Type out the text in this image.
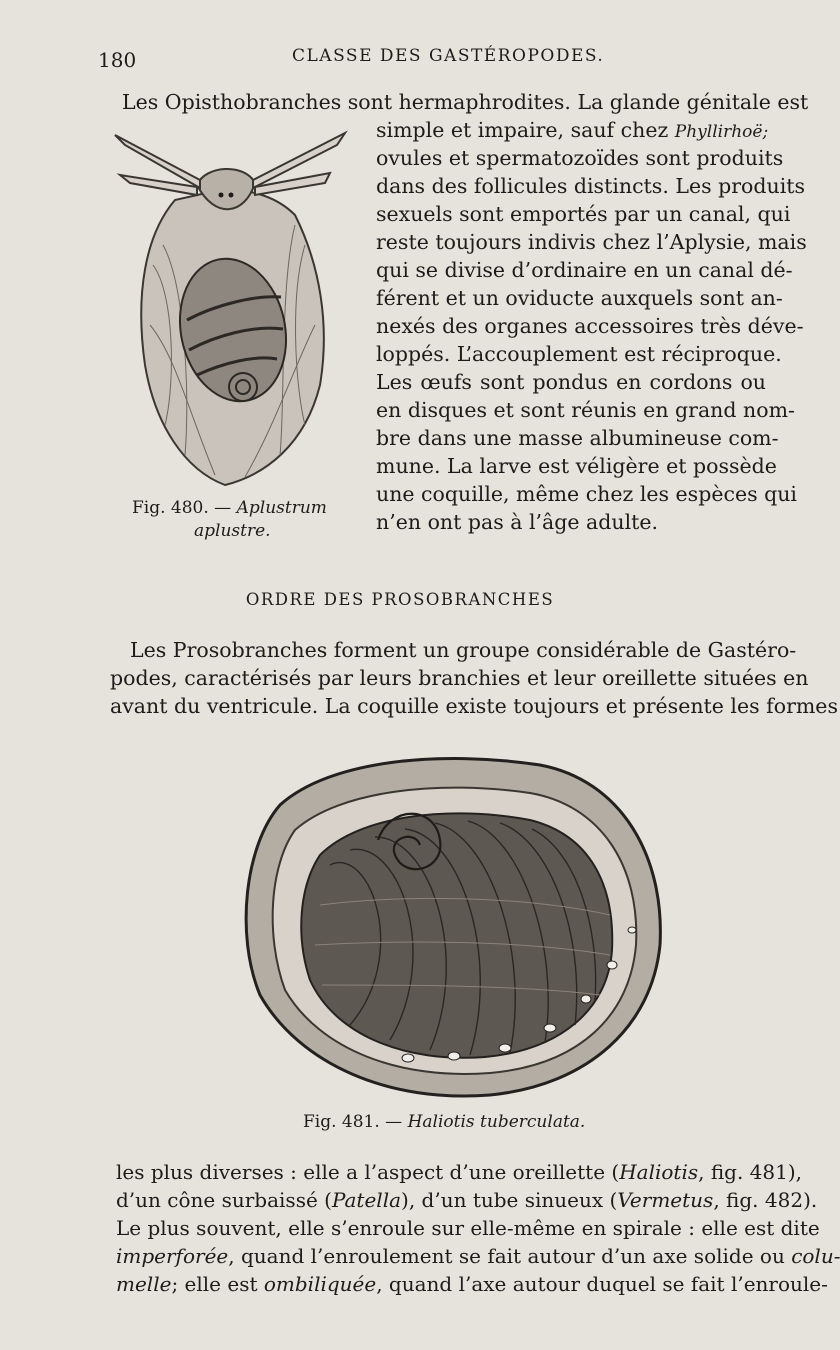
180	CLASSE DES GASTÉROPODES.
Fig. 480. — Aplustrum
aplustre.
Les Opisthobranches sont hermaphrodites. La glande génitale est
simple et impaire, sauf chez Phyllirhoë;
ovules et spermatozoïdes sont produits
dans des follicules distincts. Les produits
sexuels sont emportés par un canal, qui
reste toujours indivis chez l’Aplysie, mais
qui se divise d’ordinaire en un canal dé-
férent et un oviducte auxquels sont an-
nexés des organes accessoires très déve-
loppés. L’accouplement est réciproque.
Les œufs sont pondus en cordons ou
en disques et sont réunis en grand nom-
bre dans une masse albumineuse com-
mune. La larve est véligère et possède
une coquille, même chez les espèces qui
n’en ont pas à l’âge adulte.
ORDRE DES PROSOBRANCHES
Les Prosobranches forment un groupe considérable de Gastéro-
podes, caractérisés par leurs branchies et leur oreillette situées en
avant du ventricule. La coquille existe toujours et présente les formes
Fig. 481. — Haliotis tuberculata.
les plus diverses : elle a l’aspect d’une oreillette (Haliotis, fig. 481),
d’un cône surbaissé (Patella), d’un tube sinueux (Vermetus, fig. 482).
Le plus souvent, elle s’enroule sur elle-même en spirale : elle est dite
imperforée, quand l’enroulement se fait autour d’un axe solide ou colu-
melle; elle est ombiliquée, quand l’axe autour duquel se fait l’enroule-
